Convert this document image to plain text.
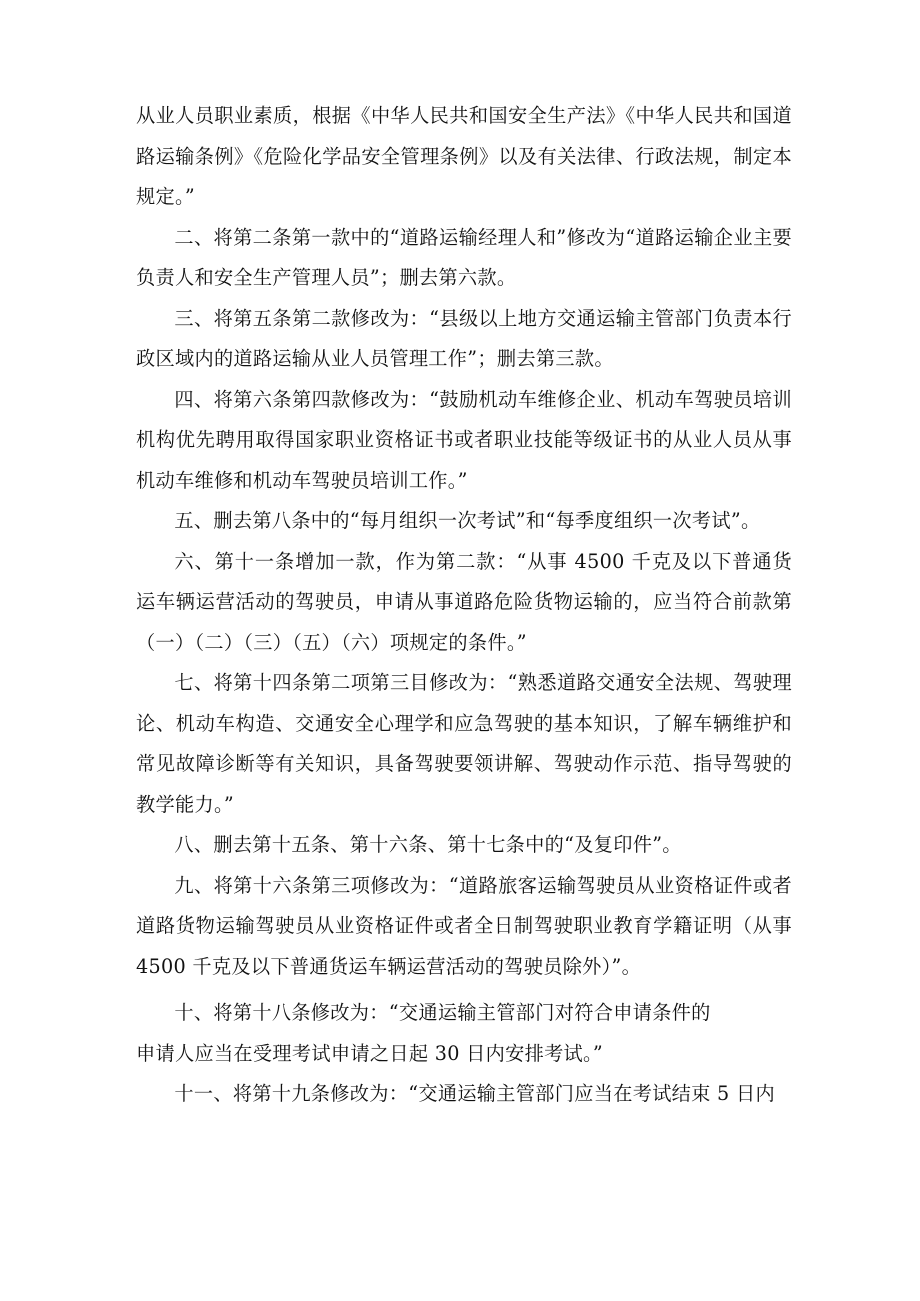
从业人员职业素质，根据《中华人民共和国安全生产法》《中华人民共和国道路运输条例》《危险化学品安全管理条例》以及有关法律、行政法规，制定本规定。”

二、将第二条第一款中的“道路运输经理人和”修改为“道路运输企业主要负责人和安全生产管理人员”；删去第六款。

三、将第五条第二款修改为：“县级以上地方交通运输主管部门负责本行政区域内的道路运输从业人员管理工作”；删去第三款。

四、将第六条第四款修改为：“鼓励机动车维修企业、机动车驾驶员培训机构优先聘用取得国家职业资格证书或者职业技能等级证书的从业人员从事机动车维修和机动车驾驶员培训工作。”

五、删去第八条中的“每月组织一次考试”和“每季度组织一次考试”。

六、第十一条增加一款，作为第二款：“从事 4500 千克及以下普通货运车辆运营活动的驾驶员，申请从事道路危险货物运输的，应当符合前款第（一）（二）（三）（五）（六）项规定的条件。”

七、将第十四条第二项第三目修改为：“熟悉道路交通安全法规、驾驶理论、机动车构造、交通安全心理学和应急驾驶的基本知识，了解车辆维护和常见故障诊断等有关知识，具备驾驶要领讲解、驾驶动作示范、指导驾驶的教学能力。”

八、删去第十五条、第十六条、第十七条中的“及复印件”。

九、将第十六条第三项修改为：“道路旅客运输驾驶员从业资格证件或者道路货物运输驾驶员从业资格证件或者全日制驾驶职业教育学籍证明（从事 4500 千克及以下普通货运车辆运营活动的驾驶员除外）”。

十、将第十八条修改为：“交通运输主管部门对符合申请条件的
申请人应当在受理考试申请之日起 30 日内安排考试。”

十一、将第十九条修改为：“交通运输主管部门应当在考试结束 5 日内
